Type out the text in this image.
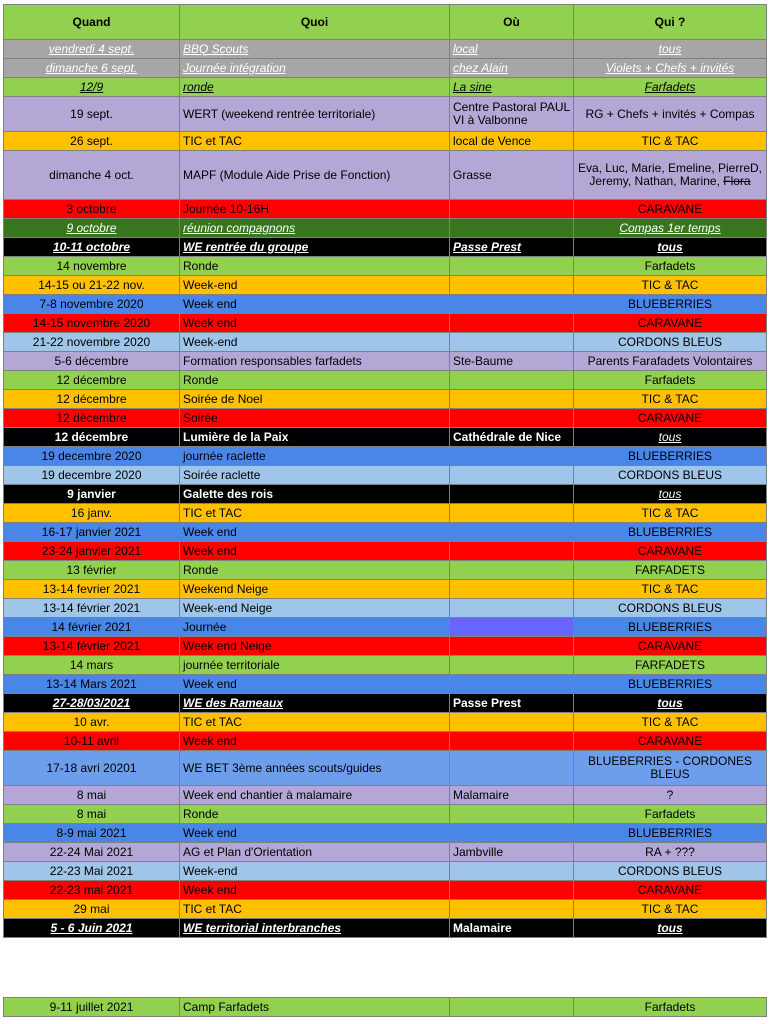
Quand	Quoi	Où	Qui ?
vendredi 4 sept.	BBQ Scouts	local	tous
dimanche 6 sept.	Journée intégration	chez Alain	Violets + Chefs + invités
12/9	ronde	La sine	Farfadets
19 sept.	WERT (weekend rentrée territoriale)	Centre Pastoral PAUL VI à Valbonne	RG + Chefs + invités + Compas
26 sept.	TIC et TAC	local de Vence	TIC & TAC
dimanche 4 oct.	MAPF (Module Aide Prise de Fonction)	Grasse	Eva, Luc, Marie, Emeline, PierreD, Jeremy, Nathan, Marine, Flora
3 octobre	Journée 10-16H		CARAVANE
9 octobre	réunion compagnons		Compas 1er temps
10-11 octobre	WE rentrée du groupe	Passe Prest	tous
14 novembre	Ronde		Farfadets
14-15 ou 21-22 nov.	Week-end		TIC & TAC
7-8 novembre 2020	Week end		BLUEBERRIES
14-15 novembre 2020	Week end		CARAVANE
21-22 novembre 2020	Week-end		CORDONS BLEUS
5-6 décembre	Formation responsables farfadets	Ste-Baume	Parents Farafadets Volontaires
12 décembre	Ronde		Farfadets
12 décembre	Soirée de Noel		TIC & TAC
12 décembre	Soirée		CARAVANE
12 décembre	Lumière de la Paix	Cathédrale de Nice	tous
19 decembre 2020	journée raclette		BLUEBERRIES
19 decembre 2020	Soirée raclette		CORDONS BLEUS
9 janvier	Galette des rois		tous
16 janv.	TIC et TAC		TIC & TAC
16-17 janvier 2021	Week end		BLUEBERRIES
23-24 janvier 2021	Week end		CARAVANE
13 février	Ronde		FARFADETS
13-14 fevrier 2021	Weekend Neige		TIC & TAC
13-14 février 2021	Week-end Neige		CORDONS BLEUS
14 février 2021	Journée		BLUEBERRIES
13-14 février 2021	Week end Neige		CARAVANE
14 mars	journée territoriale		FARFADETS
13-14 Mars 2021	Week end		BLUEBERRIES
27-28/03/2021	WE des Rameaux	Passe Prest	tous
10 avr.	TIC et TAC		TIC & TAC
10-11 avril	Week end		CARAVANE
17-18 avri 20201	WE BET 3ème années scouts/guides		BLUEBERRIES - CORDONES BLEUS
8 mai	Week end chantier à malamaire	Malamaire	?
8 mai	Ronde		Farfadets
8-9 mai 2021	Week end		BLUEBERRIES
22-24 Mai 2021	AG et Plan d'Orientation	Jambville	RA + ???
22-23 Mai 2021	Week-end		CORDONS BLEUS
22-23 mai 2021	Week end		CARAVANE
29 mai	TIC et TAC		TIC & TAC
5 - 6 Juin 2021	WE territorial interbranches	Malamaire	tous
9-11 juillet 2021	Camp Farfadets		Farfadets
